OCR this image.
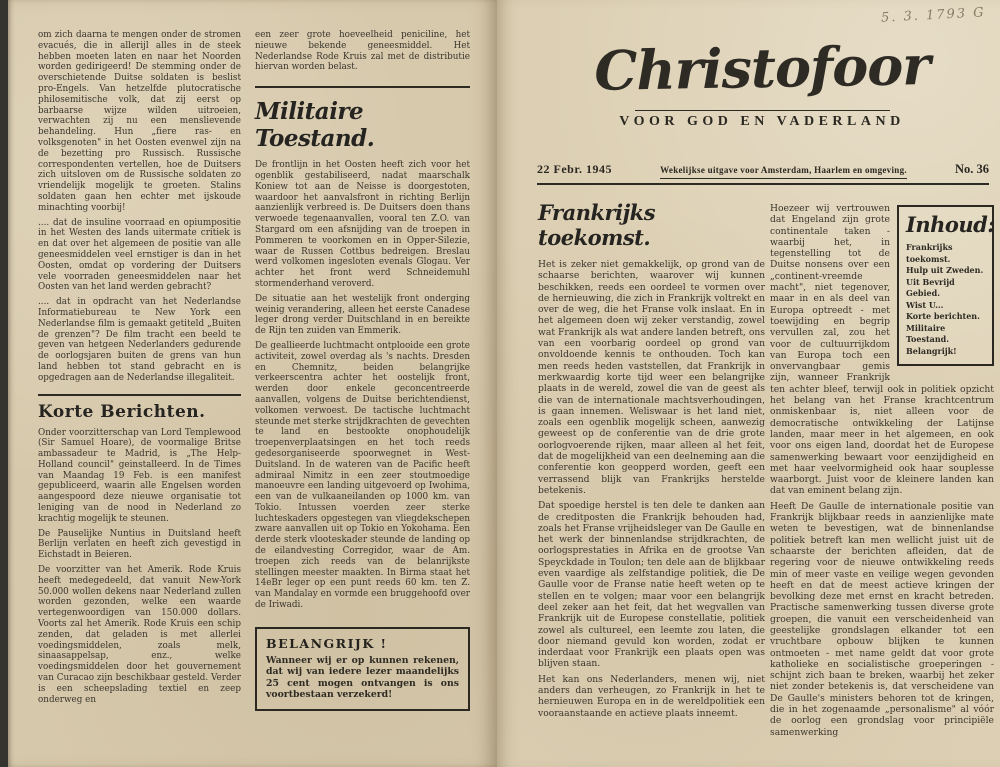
om zich daarna te mengen onder de stromen evacués, die in allerijl alles in de steek hebben moeten laten en naar het Noorden worden gedirigeerd! De stemming onder de overschietende Duitse soldaten is beslist pro-Engels. Van hetzelfde plutocratische philosemitische volk, dat zij eerst op barbaarse wijze wilden uitroeien, verwachten zij nu een menslievende behandeling. Hun „fiere ras- en volksgenoten" in het Oosten evenwel zijn na de bezetting pro Russisch. Russische correspondenten vertellen, hoe de Duitsers zich uitsloven om de Russische soldaten zo vriendelijk mogelijk te groeten. Stalins soldaten gaan hen echter met ijskoude minachting voorbij!

.... dat de insuline voorraad en opiumpositie in het Westen des lands uitermate critiek is en dat over het algemeen de positie van alle geneesmiddelen veel ernstiger is dan in het Oosten, omdat op vordering der Duitsers vele voorraden geneesmiddelen naar het Oosten van het land werden gebracht?

.... dat in opdracht van het Nederlandse Informatiebureau te New York een Nederlandse film is gemaakt getiteld „Buiten de grenzen"? De film tracht een beeld te geven van hetgeen Nederlanders gedurende de oorlogsjaren buiten de grens van hun land hebben tot stand gebracht en is opgedragen aan de Nederlandse illegaliteit.

Korte Berichten.

Onder voorzitterschap van Lord Templewood (Sir Samuel Hoare), de voormalige Britse ambassadeur te Madrid, is „The Help-Holland council" geinstalleerd. In de Times van Maandag 19 Feb. is een manifest gepubliceerd, waarin alle Engelsen worden aangespoord deze nieuwe organisatie tot leniging van de nood in Nederland zo krachtig mogelijk te steunen.

De Pauselijke Nuntius in Duitsland heeft Berlijn verlaten en heeft zich gevestigd in Eichstadt in Beieren.

De voorzitter van het Amerik. Rode Kruis heeft medegedeeld, dat vanuit New-York 50.000 wollen dekens naar Nederland zullen worden gezonden, welke een waarde vertegenwoordigen van 150.000 dollars. Voorts zal het Amerik. Rode Kruis een schip zenden, dat geladen is met allerlei voedingsmiddelen, zoals melk, sinaasappelsap, enz., welke voedingsmiddelen door het gouvernement van Curacao zijn beschikbaar gesteld. Verder is een scheepslading textiel en zeep onderweg en

een zeer grote hoeveelheid peniciline, het nieuwe bekende geneesmiddel. Het Nederlandse Rode Kruis zal met de distributie hiervan worden belast.

Militaire Toestand.

De frontlijn in het Oosten heeft zich voor het ogenblik gestabiliseerd, nadat maarschalk Koniew tot aan de Neisse is doorgestoten, waardoor het aanvalsfront in richting Berlijn aanzienlijk verbreed is. De Duitsers doen thans verwoede tegenaanvallen, vooral ten Z.O. van Stargard om een afsnijding van de troepen in Pommeren te voorkomen en in Opper-Silezie, waar de Russen Cottbus bedreigen. Breslau werd volkomen ingesloten evenals Glogau. Ver achter het front werd Schneidemuhl stormenderhand veroverd.

De situatie aan het westelijk front onderging weinig verandering, alleen het eerste Canadese leger drong verder Duitschland in en bereikte de Rijn ten zuiden van Emmerik.

De geallieerde luchtmacht ontplooide een grote activiteit, zowel overdag als 's nachts. Dresden en Chemnitz, beiden belangrijke verkeerscentra achter het oostelijk front, werden door enkele geconcentreerde aanvallen, volgens de Duitse berichtendienst, volkomen verwoest. De tactische luchtmacht steunde met sterke strijdkrachten de gevechten te land en bestookte onophoudelijk troepenverplaatsingen en het toch reeds gedesorganiseerde spoorwegnet in West-Duitsland. In de wateren van de Pacific heeft admiraal Nimitz in een zeer stoutmoedige manoeuvre een landing uitgevoerd op Iwohima, een van de vulkaaneilanden op 1000 km. van Tokio. Intussen voerden zeer sterke luchteskaders opgestegen van vliegdekschepen zware aanvallen uit op Tokio en Yokohama. Een derde sterk vlooteskader steunde de landing op de eilandvesting Corregidor, waar de Am. troepen zich reeds van de belanrijkste stellingen meester maakten. In Birma staat het 14eBr leger op een punt reeds 60 km. ten Z. van Mandalay en vormde een bruggehoofd over de Iriwadi.

BELANGRIJK !
Wanneer wij er op kunnen rekenen, dat wij van iedere lezer maandelijks 25 cent mogen ontvangen is ons voortbestaan verzekerd!
5. 3. 1793 G
Christofoor
VOOR GOD EN VADERLAND
22 Febr. 1945	Wekelijkse uitgave voor Amsterdam, Haarlem en omgeving.	No. 36
Frankrijks toekomst.

Het is zeker niet gemakkelijk, op grond van de schaarse berichten, waarover wij kunnen beschikken, reeds een oordeel te vormen over de hernieuwing, die zich in Frankrijk voltrekt en over de weg, die het Franse volk inslaat. En in het algemeen doen wij zeker verstandig, zowel wat Frankrijk als wat andere landen betreft, ons van een voorbarig oordeel op grond van onvoldoende kennis te onthouden. Toch kan men reeds heden vaststellen, dat Frankrijk in merkwaardig korte tijd weer een belangrijke plaats in de wereld, zowel die van de geest als die van de internationale machtsverhoudingen, is gaan innemen. Weliswaar is het land niet, zoals een ogenblik mogelijk scheen, aanwezig geweest op de conferentie van de drie grote oorlogvoerende rijken, maar alleen al het feit, dat de mogelijkheid van een deelneming aan die conferentie kon geopperd worden, geeft een verrassend blijk van Frankrijks herstelde betekenis.

Dat spoedige herstel is ten dele te danken aan de creditposten die Frankrijk behouden had, zoals het Franse vrijheidsleger van De Gaulle en het werk der binnenlandse strijdkrachten, de oorlogsprestaties in Afrika en de grootse Van Speyckdade in Toulon; ten dele aan de blijkbaar even vaardige als zelfstandige politiek, die De Gaulle voor de Franse natie heeft weten op te stellen en te volgen; maar voor een belangrijk deel zeker aan het feit, dat het wegvallen van Frankrijk uit de Europese constellatie, politiek zowel als cultureel, een leemte zou laten, die door niemand gevuld kon worden, zodat er inderdaat voor Frankrijk een plaats open was blijven staan.

Het kan ons Nederlanders, menen wij, niet anders dan verheugen, zo Frankrijk in het te hernieuwen Europa en in de wereldpolitiek een vooraanstaande en actieve plaats inneemt.

Inhoud:
Frankrijks toekomst.
Hulp uit Zweden.
Uit Bevrijd Gebied.
Wist U...
Korte berichten.
Militaire Toestand.
Belangrijk!

Hoezeer wij vertrouwen dat Engeland zijn grote continentale taken - waarbij het, in tegenstelling tot de Duitse nonsens over een „continent-vreemde macht", niet tegenover, maar in en als deel van Europa optreedt - met toewijding en begrip vervullen zal, zou het voor de cultuurrijkdom van Europa toch een onvervangbaar gemis zijn, wanneer Frankrijk ten achter bleef, terwijl ook in politiek opzicht het belang van het Franse krachtcentrum onmiskenbaar is, niet alleen voor de democratische ontwikkeling der Latijnse landen, maar meer in het algemeen, en ook voor ons eigen land, doordat het de Europese samenwerking bewaart voor eenzijdigheid en met haar veelvormigheid ook haar souplesse waarborgt. Juist voor de kleinere landen kan dat van eminent belang zijn.

Heeft De Gaulle de internationale positie van Frankrijk blijkbaar reeds in aanzienlijke mate weten te bevestigen, wat de binnenlandse politiek betreft kan men wellicht juist uit de schaarste der berichten afleiden, dat de regering voor de nieuwe ontwikkeling reeds min of meer vaste en veilige wegen gevonden heeft en dat de meest actieve kringen der bevolking deze met ernst en kracht betreden. Practische samenwerking tussen diverse grote groepen, die vanuit een verscheidenheid van geestelijke grondslagen elkander tot een vruchtbare opbouw blijken te kunnen ontmoeten - met name geldt dat voor grote katholieke en socialistische groeperingen - schijnt zich baan te breken, waarbij het zeker niet zonder betekenis is, dat verscheidene van De Gaulle's ministers behoren tot de kringen, die in het zogenaamde „personalisme" al vóór de oorlog een grondslag voor principiële samenwerking
